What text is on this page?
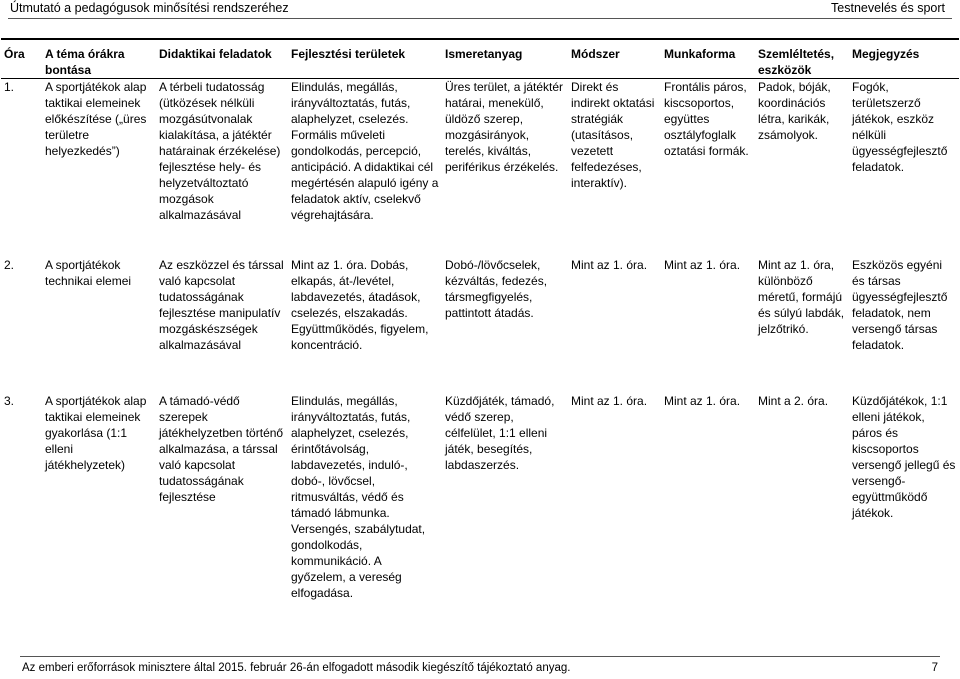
Útmutató a pedagógusok minősítési rendszeréhez	Testnevelés és sport
Óra	A téma órákra bontása	Didaktikai feladatok	Fejlesztési területek	Ismeretanyag	Módszer	Munkaforma	Szemléltetés, eszközök	Megjegyzés
1.	A sportjátékok alap taktikai elemeinek előkészítése („üres területre helyezkedés”)	A térbeli tudatosság (ütközések nélküli mozgásútvonalak kialakítása, a játéktér határainak érzékelése) fejlesztése hely- és helyzetváltoztató mozgások alkalmazásával	Elindulás, megállás, irányváltoztatás, futás, alaphelyzet, cselezés. Formális műveleti gondolkodás, percepció, anticipáció. A didaktikai cél megértésén alapuló igény a feladatok aktív, cselekvő végrehajtására.	Üres terület, a játéktér határai, menekülő, üldöző szerep, mozgásirányok, terelés, kiváltás, periférikus érzékelés.	Direkt és indirekt oktatási stratégiák (utasításos, vezetett felfedezéses, interaktív).	Frontális páros, kiscsoportos, együttes osztályfoglalk oztatási formák.	Padok, bóják, koordinációs létra, karikák, zsámolyok.	Fogók, területszerző játékok, eszköz nélküli ügyességfejlesztő feladatok.
2.	A sportjátékok technikai elemei	Az eszközzel és társsal való kapcsolat tudatosságának fejlesztése manipulatív mozgáskészségek alkalmazásával	Mint az 1. óra. Dobás, elkapás, át-/levétel, labdavezetés, átadások, cselezés, elszakadás. Együttműködés, figyelem, koncentráció.	Dobó-/lövőcselek, kézváltás, fedezés, társmegfigyelés, pattintott átadás.	Mint az 1. óra.	Mint az 1. óra.	Mint az 1. óra, különböző méretű, formájú és súlyú labdák, jelzőtrikó.	Eszközös egyéni és társas ügyességfejlesztő feladatok, nem versengő társas feladatok.

3.	A sportjátékok alap taktikai elemeinek gyakorlása (1:1 elleni játékhelyzetek)	A támadó-védő szerepek játékhelyzetben történő alkalmazása, a társsal való kapcsolat tudatosságának fejlesztése	Elindulás, megállás, irányváltoztatás, futás, alaphelyzet, cselezés, érintőtávolság, labdavezetés, induló-, dobó-, lövőcsel, ritmusváltás, védő és támadó lábmunka. Versengés, szabálytudat, gondolkodás, kommunikáció. A győzelem, a vereség elfogadása.	Küzdőjáték, támadó, védő szerep, célfelület, 1:1 elleni játék, besegítés, labdaszerzés.	Mint az 1. óra.	Mint az 1. óra.	Mint a 2. óra.	Küzdőjátékok, 1:1 elleni játékok, páros és kiscsoportos versengő jellegű és versengő-együttműködő játékok.
Az emberi erőforrások minisztere által 2015. február 26-án elfogadott második kiegészítő tájékoztató anyag.	7
